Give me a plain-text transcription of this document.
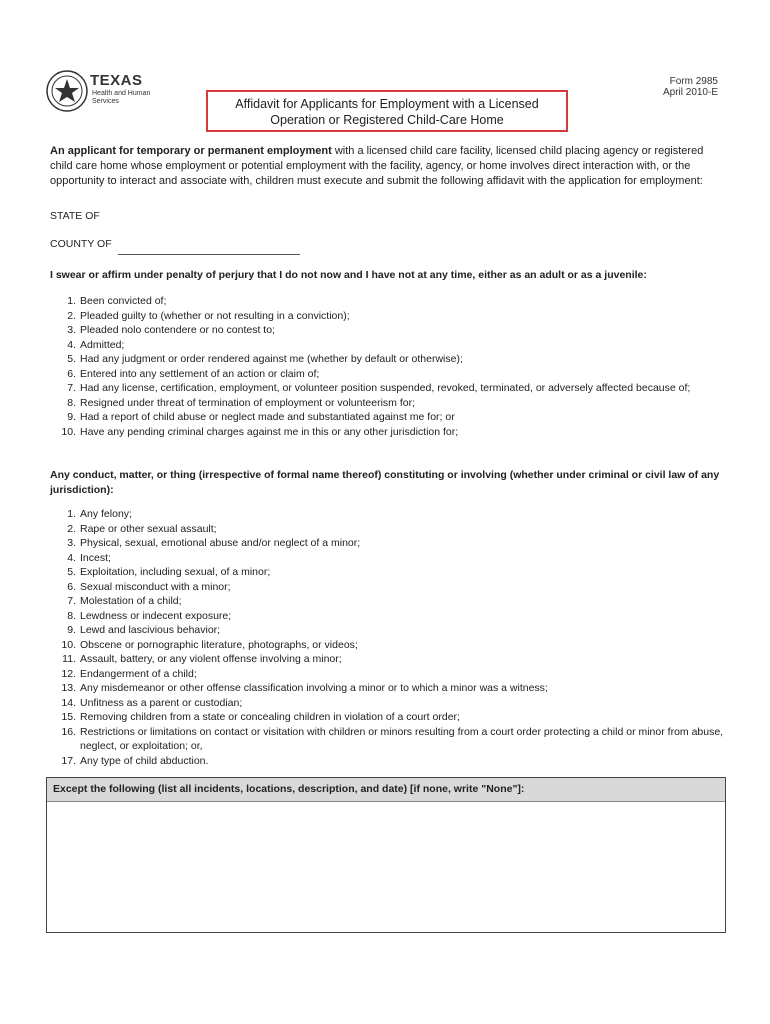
TEXAS
Health and Human Services	Affidavit for Applicants for Employment with a Licensed
Operation or Registered Child-Care Home
Form 2985
April 2010-E
An applicant for temporary or permanent employment with a licensed child care facility, licensed child placing agency or registered child care home whose employment or potential employment with the facility, agency, or home involves direct interaction with, or the opportunity to interact and associate with, children must execute and submit the following affidavit with the application for employment:
STATE OF
COUNTY OF
I swear or affirm under penalty of perjury that I do not now and I have not at any time, either as an adult or as a juvenile:
1. Been convicted of;
2. Pleaded guilty to (whether or not resulting in a conviction);
3. Pleaded nolo contendere or no contest to;
4. Admitted;
5. Had any judgment or order rendered against me (whether by default or otherwise);
6. Entered into any settlement of an action or claim of;
7. Had any license, certification, employment, or volunteer position suspended, revoked, terminated, or adversely affected because of;
8. Resigned under threat of termination of employment or volunteerism for;
9. Had a report of child abuse or neglect made and substantiated against me for; or
10. Have any pending criminal charges against me in this or any other jurisdiction for;
Any conduct, matter, or thing (irrespective of formal name thereof) constituting or involving (whether under criminal or civil law of any jurisdiction):
1. Any felony;
2. Rape or other sexual assault;
3. Physical, sexual, emotional abuse and/or neglect of a minor;
4. Incest;
5. Exploitation, including sexual, of a minor;
6. Sexual misconduct with a minor;
7. Molestation of a child;
8. Lewdness or indecent exposure;
9. Lewd and lascivious behavior;
10. Obscene or pornographic literature, photographs, or videos;
11. Assault, battery, or any violent offense involving a minor;
12. Endangerment of a child;
13. Any misdemeanor or other offense classification involving a minor or to which a minor was a witness;
14. Unfitness as a parent or custodian;
15. Removing children from a state or concealing children in violation of a court order;
16. Restrictions or limitations on contact or visitation with children or minors resulting from a court order protecting a child or minor from abuse, neglect, or exploitation; or,
17. Any type of child abduction.
Except the following (list all incidents, locations, description, and date) [if none, write "None"]:
